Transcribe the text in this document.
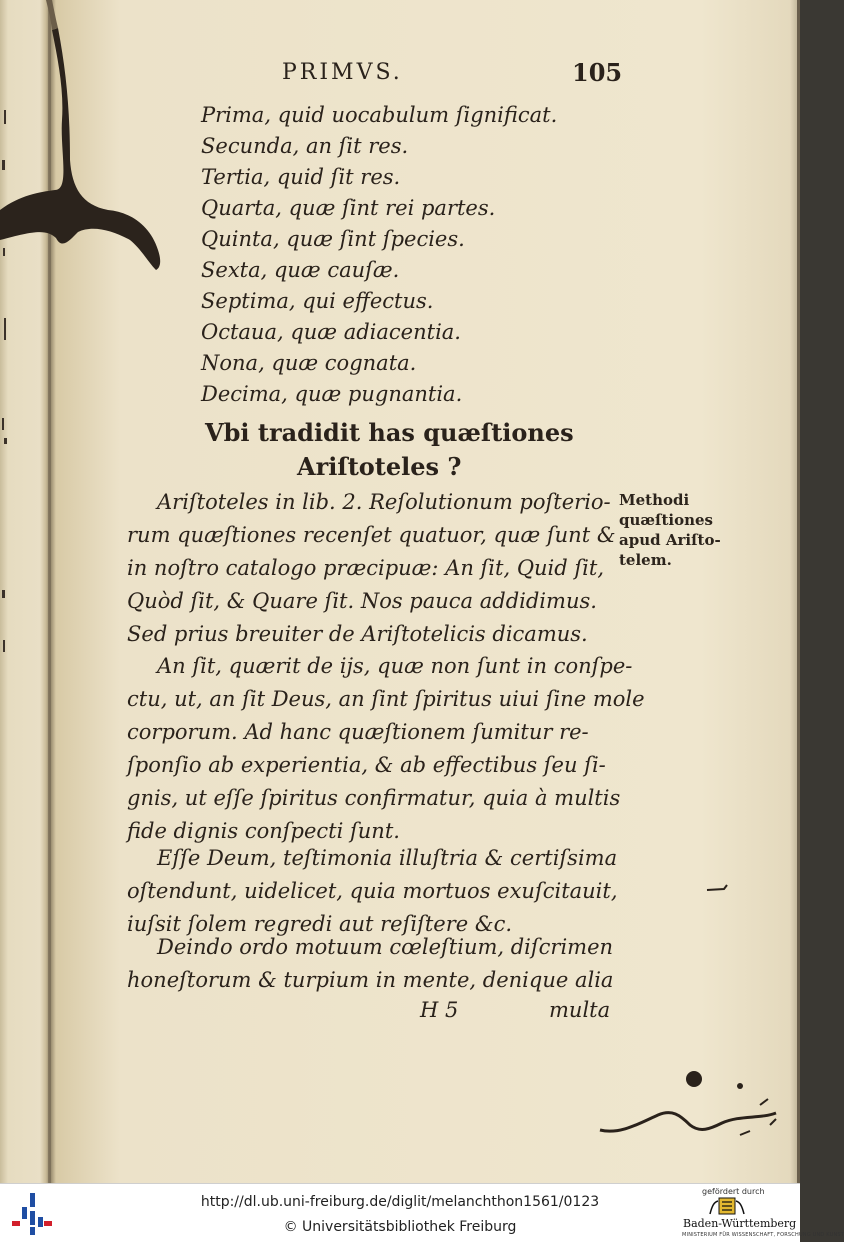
PRIMVS.	105
Prima, quid uocabulum ſignificat.
Secunda, an ſit res.
Tertia, quid ſit res.
Quarta, quæ ſint rei partes.
Quinta, quæ ſint ſpecies.
Sexta, quæ cauſæ.
Septima, qui effectus.
Octaua, quæ adiacentia.
Nona, quæ cognata.
Decima, quæ pugnantia.
Vbi tradidit has quæſtiones
Ariſtoteles ?
Methodi
quæſtiones
apud Ariſto-
telem.

Ariſtoteles in lib. 2. Reſolutionum poſterio-
rum quæſtiones recenſet quatuor, quæ ſunt &
in noſtro catalogo præcipuæ: An ſit, Quid ſit,
Quòd ſit, & Quare ſit. Nos pauca addidimus.
Sed prius breuiter de Ariſtotelicis dicamus.

An ſit, quærit de ijs, quæ non ſunt in conſpe-
ctu, ut, an ſit Deus, an ſint ſpiritus uiui ſine mole
corporum. Ad hanc quæſtionem ſumitur re-
ſponſio ab experientia, & ab effectibus ſeu ſi-
gnis, ut eſſe ſpiritus confirmatur, quia à multis
fide dignis conſpecti ſunt.

Eſſe Deum, teſtimonia illuſtria & certiſsima
oſtendunt, uidelicet, quia mortuos exuſcitauit,
iuſsit ſolem regredi aut reſiſtere &c.

Deindo ordo motuum cœleſtium, diſcrimen
honeſtorum & turpium in mente, denique alia

H 5	multa
http://dl.ub.uni-freiburg.de/diglit/melanchthon1561/0123
© Universitätsbibliothek Freiburg
gefördert durch
Baden-Württemberg
MINISTERIUM FÜR WISSENSCHAFT, FORSCHUNG UND KUNST
